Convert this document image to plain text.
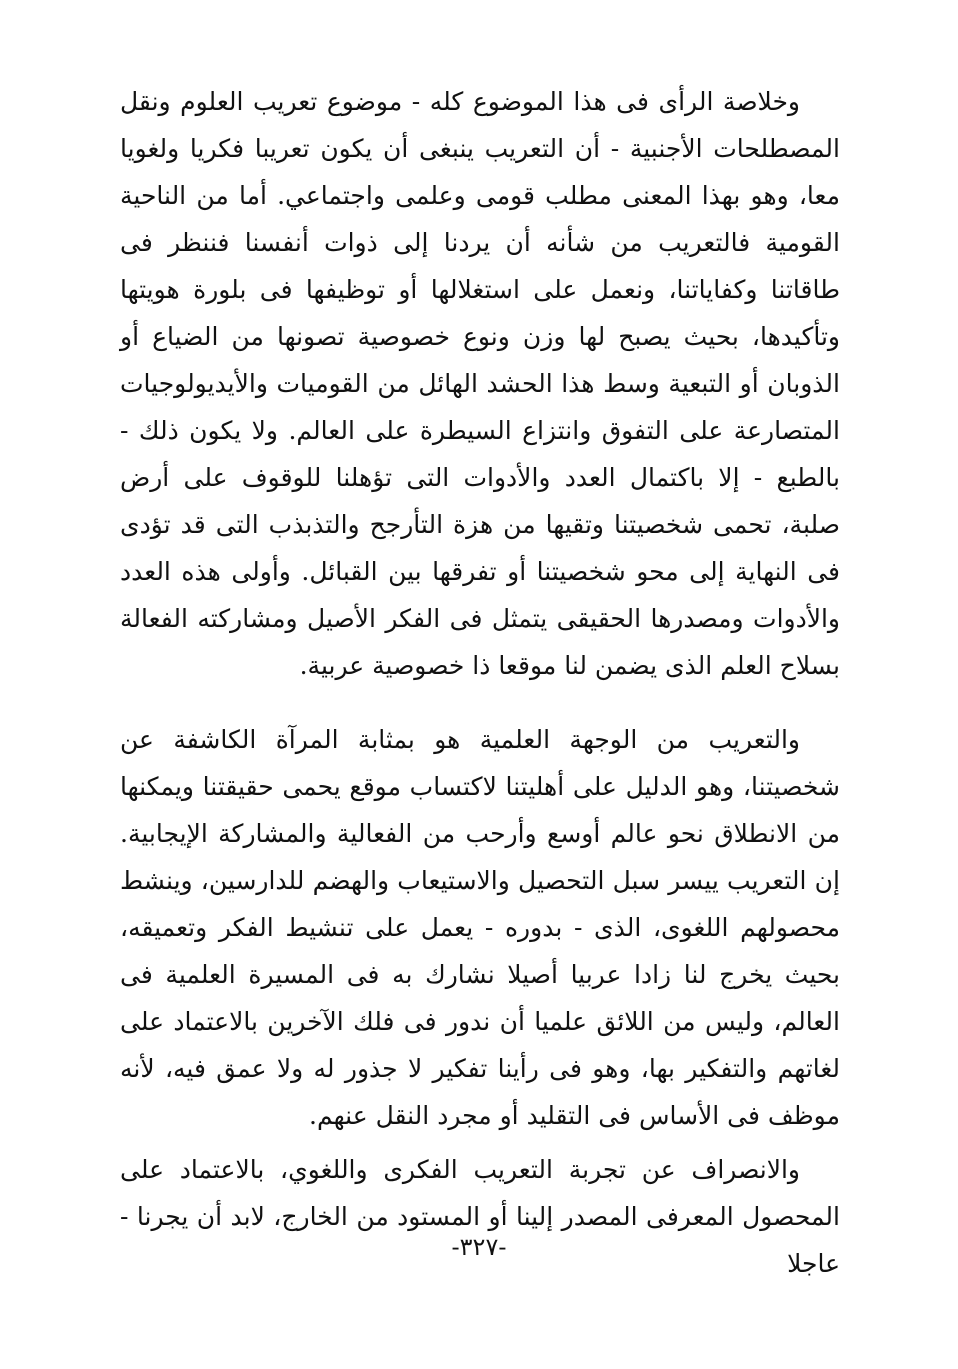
وخلاصة الرأى فى هذا الموضوع كله - موضوع تعريب العلوم ونقل المصطلحات الأجنبية - أن التعريب ينبغى أن يكون تعريبا فكريا ولغويا معا، وهو بهذا المعنى مطلب قومى وعلمى واجتماعي. أما من الناحية القومية فالتعريب من شأنه أن يردنا إلى ذوات أنفسنا فننظر فى طاقاتنا وكفاياتنا، ونعمل على استغلالها أو توظيفها فى بلورة هويتها وتأكيدها، بحيث يصبح لها وزن ونوع خصوصية تصونها من الضياع أو الذوبان أو التبعية وسط هذا الحشد الهائل من القوميات والأيديولوجيات المتصارعة على التفوق وانتزاع السيطرة على العالم. ولا يكون ذلك - بالطبع - إلا باكتمال العدد والأدوات التى تؤهلنا للوقوف على أرض صلبة، تحمى شخصيتنا وتقيها من هزة التأرجح والتذبذب التى قد تؤدى فى النهاية إلى محو شخصيتنا أو تفرقها بين القبائل. وأولى هذه العدد والأدوات ومصدرها الحقيقى يتمثل فى الفكر الأصيل ومشاركته الفعالة بسلاح العلم الذى يضمن لنا موقعا ذا خصوصية عربية.

والتعريب من الوجهة العلمية هو بمثابة المرآة الكاشفة عن شخصيتنا، وهو الدليل على أهليتنا لاكتساب موقع يحمى حقيقتنا ويمكنها من الانطلاق نحو عالم أوسع وأرحب من الفعالية والمشاركة الإيجابية. إن التعريب ييسر سبل التحصيل والاستيعاب والهضم للدارسين، وينشط محصولهم اللغوى، الذى - بدوره - يعمل على تنشيط الفكر وتعميقه، بحيث يخرج لنا زادا عربيا أصيلا نشارك به فى المسيرة العلمية فى العالم، وليس من اللائق علميا أن ندور فى فلك الآخرين بالاعتماد على لغاتهم والتفكير بها، وهو فى رأينا تفكير لا جذور له ولا عمق فيه، لأنه موظف فى الأساس فى التقليد أو مجرد النقل عنهم.

والانصراف عن تجربة التعريب الفكرى واللغوي، بالاعتماد على المحصول المعرفى المصدر إلينا أو المستود من الخارج، لابد أن يجرنا - عاجلا

-٣٢٧-
